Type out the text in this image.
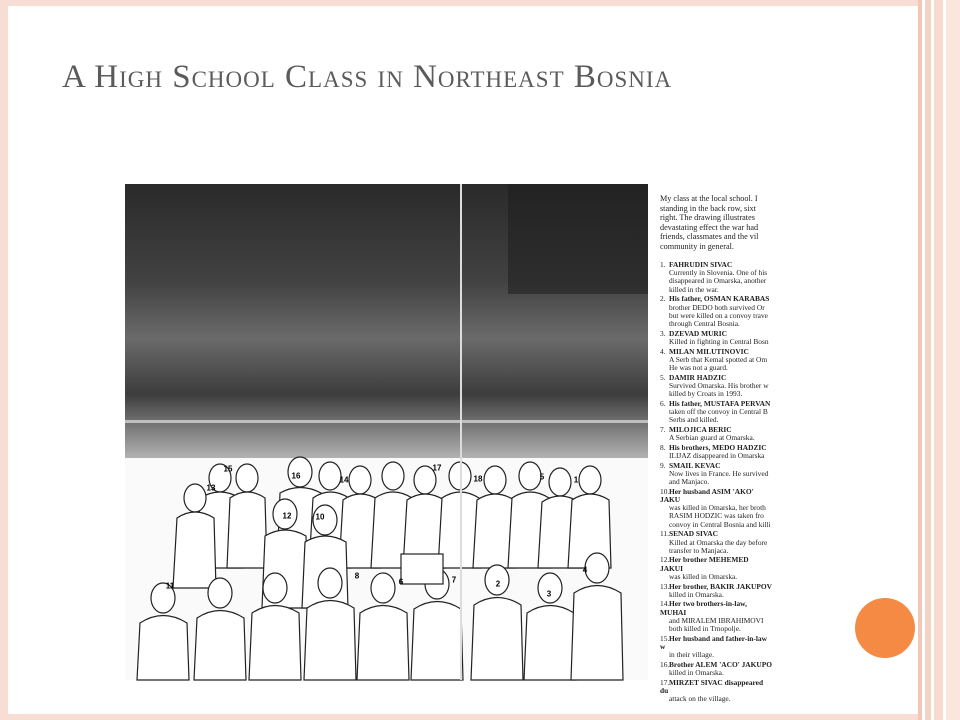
A High School Class in Northeast Bosnia
15
16	14
17
18	5	1
13
12	10
11
8
6	7	2
3
4
My class at the local school. I standing in the back row, sixt right. The drawing illustrates devastating effect the war had friends, classmates and the vil community in general.
1. FAHRUDIN SIVAC
Currently in Slovenia. One of his disappeared in Omarska, another killed in the war.
2. His father, OSMAN KARABAS
brother DEDO both survived Or but were killed on a convoy trave through Central Bosnia.
3. DZEVAD MURIC
Killed in fighting in Central Bosn
4. MILAN MILUTINOVIC
A Serb that Kemal spotted at Om He was not a guard.
5. DAMIR HADZIC
Survived Omarska. His brother w killed by Croats in 1993.
6. His father, MUSTAFA PERVAN
taken off the convoy in Central B Serbs and killed.
7. MILOJICA BERIC
A Serbian guard at Omarska.
8. His brothers, MEDO HADZIC
ILIJAZ disappeared in Omarska
9. SMAIL KEVAC
Now lives in France. He survived and Manjaco.
10.Her husband ASIM 'AKO' JAKU
was killed in Omarska, her broth RASIM HODZIC was taken fro convoy in Central Bosnia and killi
11.SENAD SIVAC
Killed at Omarska the day before transfer to Manjaca.
12.Her brother MEHEMED JAKUI
was killed in Omarska.
13.Her brother, BAKIR JAKUPOV
killed in Omarska.
14.Her two brothers-in-law, MUHAI
and MIRALEM IBRAHIMOVI both killed in Trnopolje.
15.Her husband and father-in-law w
in their village.
16.Brother ALEM 'ACO' JAKUPO
killed in Omarska.
17.MIRZET SIVAC disappeared du
attack on the village.
